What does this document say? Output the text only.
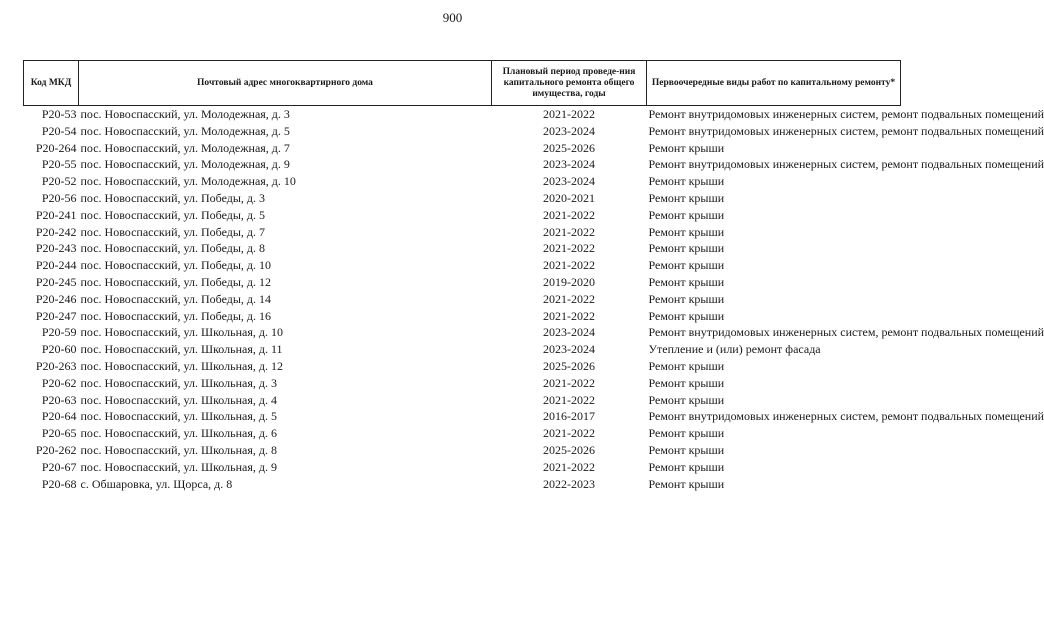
900
Код МКД	Почтовый адрес многоквартирного дома	Плановый период проведе-ния капитального ремонта общего имущества, годы	Первоочередные виды работ по капитальному ремонту*
Р20-53	пос. Новоспасский, ул. Молодежная, д. 3	2021-2022	Ремонт внутридомовых инженерных систем, ремонт подвальных помещений
Р20-54	пос. Новоспасский, ул. Молодежная, д. 5	2023-2024	Ремонт внутридомовых инженерных систем, ремонт подвальных помещений
Р20-264	пос. Новоспасский, ул. Молодежная, д. 7	2025-2026	Ремонт крыши
Р20-55	пос. Новоспасский, ул. Молодежная, д. 9	2023-2024	Ремонт внутридомовых инженерных систем, ремонт подвальных помещений
Р20-52	пос. Новоспасский, ул. Молодежная, д. 10	2023-2024	Ремонт крыши
Р20-56	пос. Новоспасский, ул. Победы, д. 3	2020-2021	Ремонт крыши
Р20-241	пос. Новоспасский, ул. Победы, д. 5	2021-2022	Ремонт крыши
Р20-242	пос. Новоспасский, ул. Победы, д. 7	2021-2022	Ремонт крыши
Р20-243	пос. Новоспасский, ул. Победы, д. 8	2021-2022	Ремонт крыши
Р20-244	пос. Новоспасский, ул. Победы, д. 10	2021-2022	Ремонт крыши
Р20-245	пос. Новоспасский, ул. Победы, д. 12	2019-2020	Ремонт крыши
Р20-246	пос. Новоспасский, ул. Победы, д. 14	2021-2022	Ремонт крыши
Р20-247	пос. Новоспасский, ул. Победы, д. 16	2021-2022	Ремонт крыши
Р20-59	пос. Новоспасский, ул. Школьная, д. 10	2023-2024	Ремонт внутридомовых инженерных систем, ремонт подвальных помещений
Р20-60	пос. Новоспасский, ул. Школьная, д. 11	2023-2024	Утепление и (или) ремонт фасада
Р20-263	пос. Новоспасский, ул. Школьная, д. 12	2025-2026	Ремонт крыши
Р20-62	пос. Новоспасский, ул. Школьная, д. 3	2021-2022	Ремонт крыши
Р20-63	пос. Новоспасский, ул. Школьная, д. 4	2021-2022	Ремонт крыши
Р20-64	пос. Новоспасский, ул. Школьная, д. 5	2016-2017	Ремонт внутридомовых инженерных систем, ремонт подвальных помещений
Р20-65	пос. Новоспасский, ул. Школьная, д. 6	2021-2022	Ремонт крыши
Р20-262	пос. Новоспасский, ул. Школьная, д. 8	2025-2026	Ремонт крыши
Р20-67	пос. Новоспасский, ул. Школьная, д. 9	2021-2022	Ремонт крыши
Р20-68	с. Обшаровка, ул. Щорса, д. 8	2022-2023	Ремонт крыши
